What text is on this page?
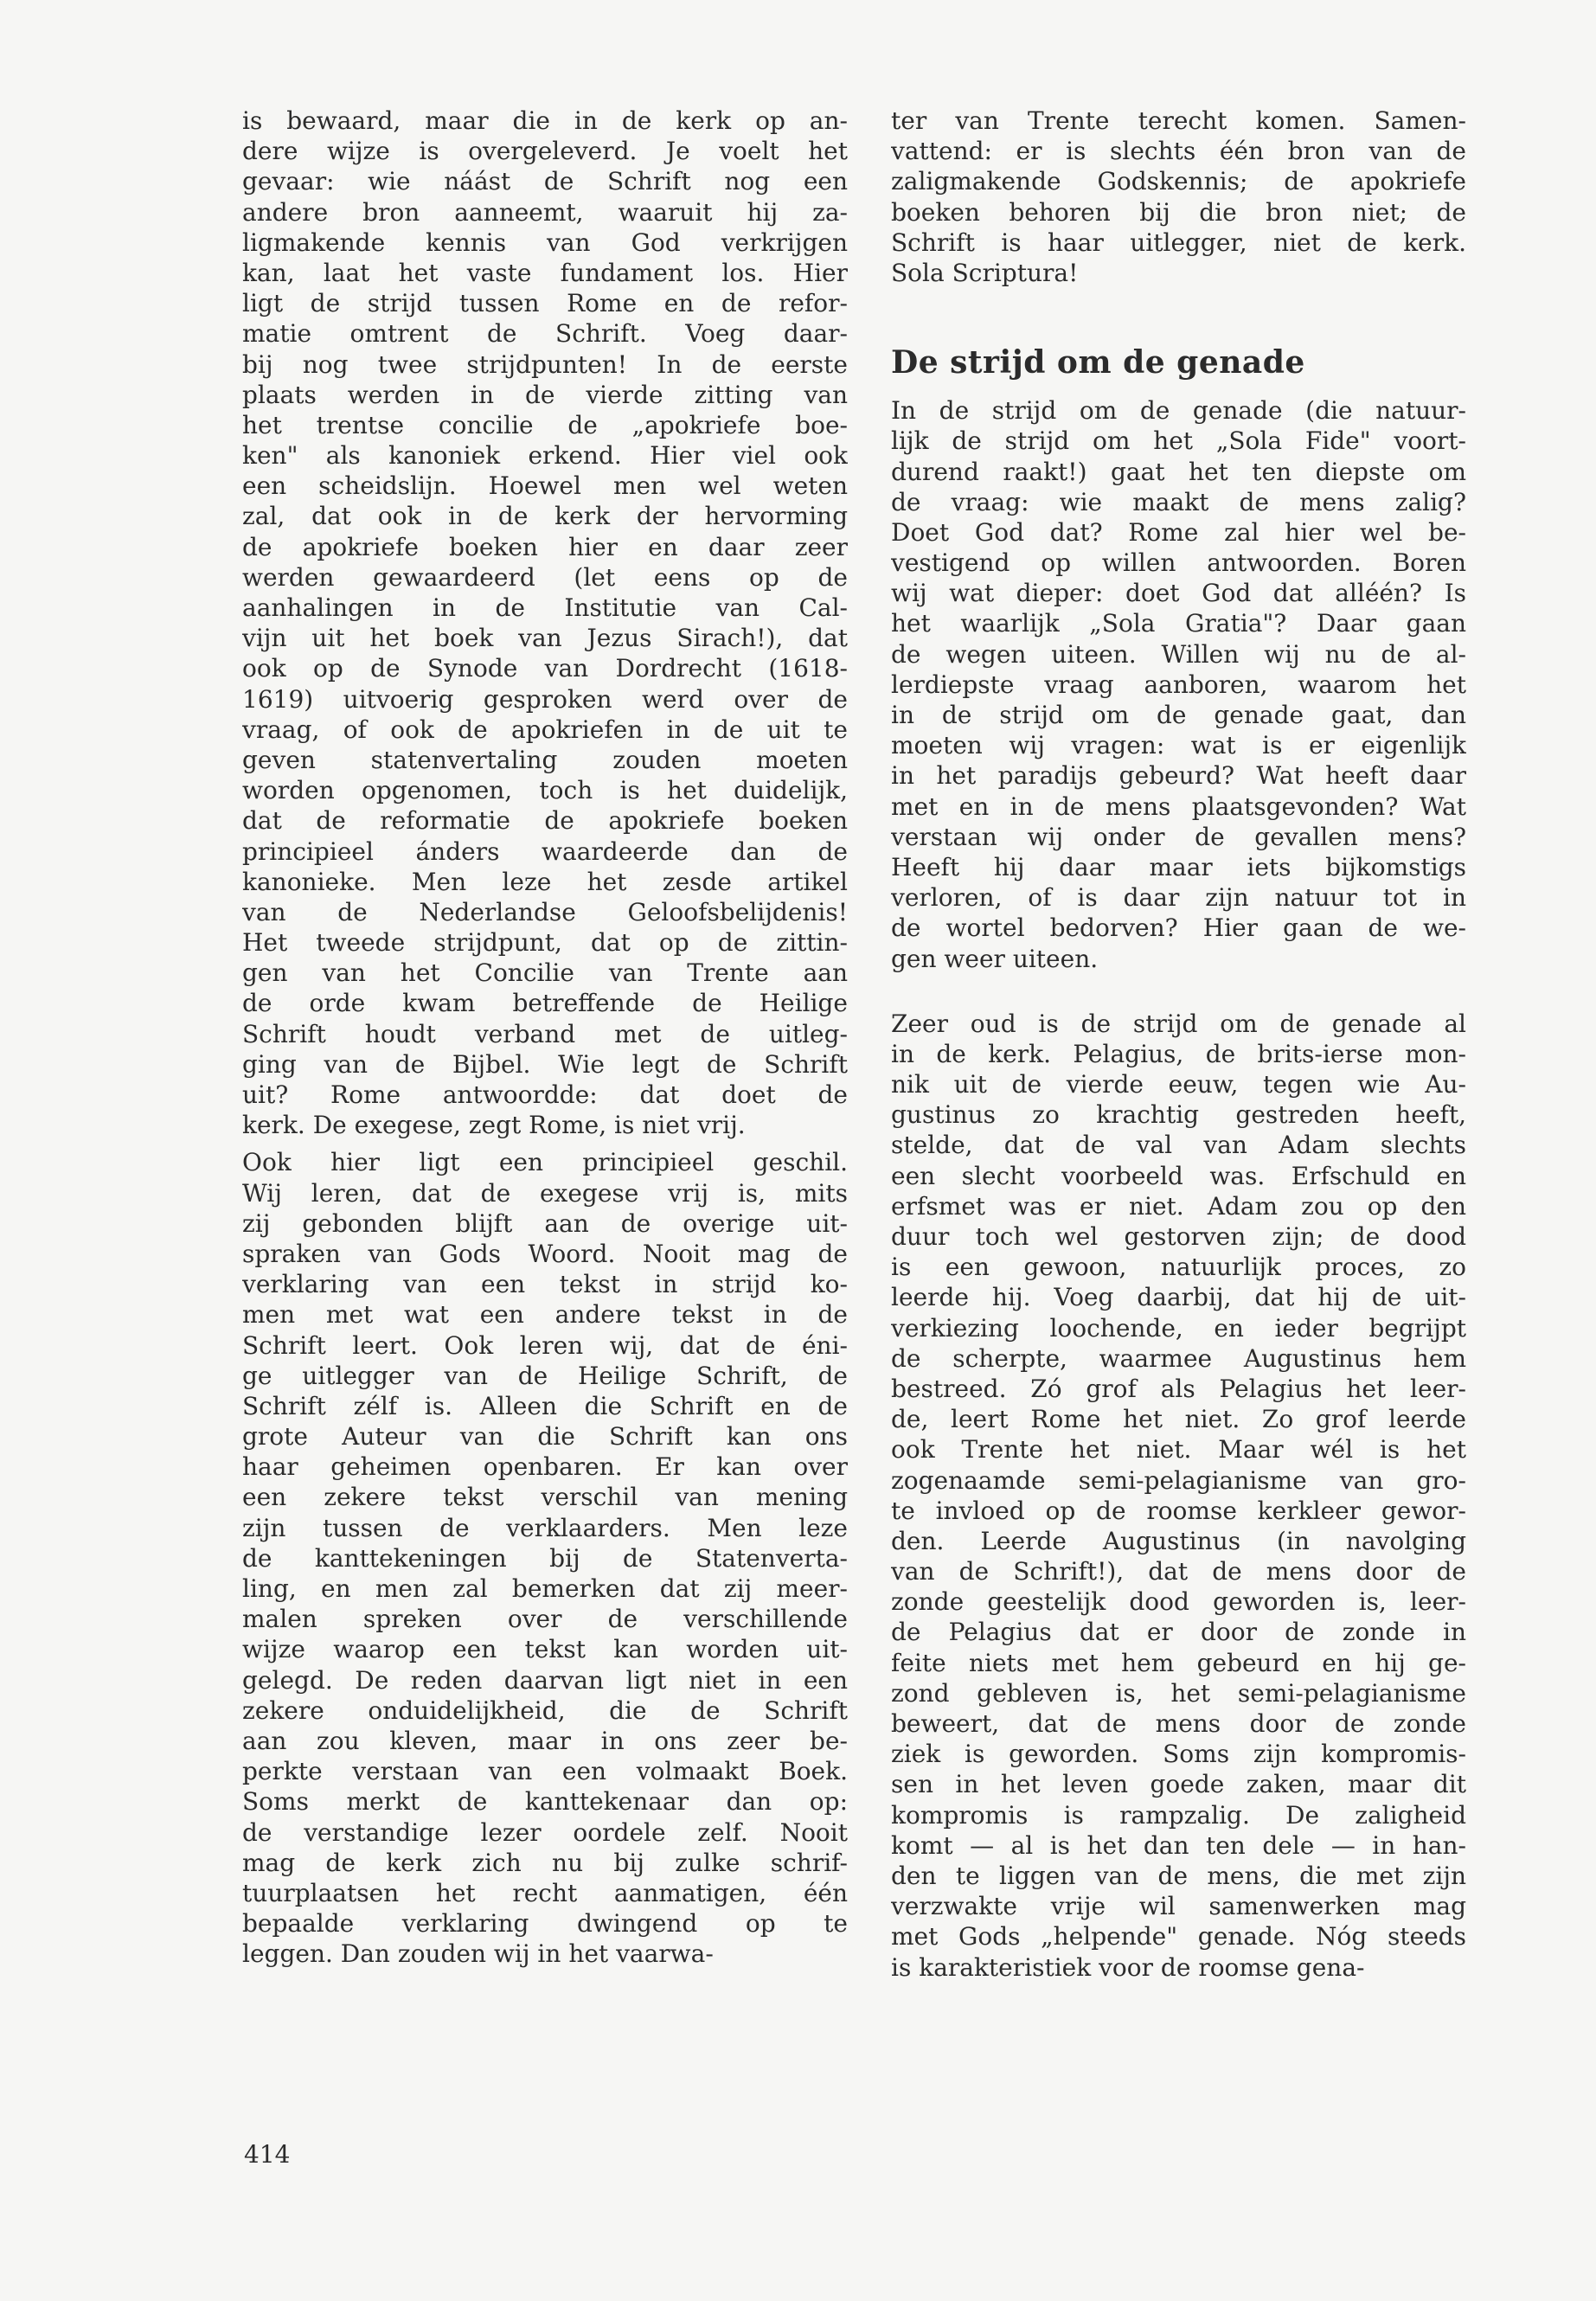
is bewaard, maar die in de kerk op an-
dere wijze is overgeleverd. Je voelt het
gevaar: wie náást de Schrift nog een
andere bron aanneemt, waaruit hij za-
ligmakende kennis van God verkrijgen
kan, laat het vaste fundament los. Hier
ligt de strijd tussen Rome en de refor-
matie omtrent de Schrift. Voeg daar-
bij nog twee strijdpunten! In de eerste
plaats werden in de vierde zitting van
het trentse concilie de „apokriefe boe-
ken" als kanoniek erkend. Hier viel ook
een scheidslijn. Hoewel men wel weten
zal, dat ook in de kerk der hervorming
de apokriefe boeken hier en daar zeer
werden gewaardeerd (let eens op de
aanhalingen in de Institutie van Cal-
vijn uit het boek van Jezus Sirach!), dat
ook op de Synode van Dordrecht (1618-
1619) uitvoerig gesproken werd over de
vraag, of ook de apokriefen in de uit te
geven statenvertaling zouden moeten
worden opgenomen, toch is het duidelijk,
dat de reformatie de apokriefe boeken
principieel ánders waardeerde dan de
kanonieke. Men leze het zesde artikel
van de Nederlandse Geloofsbelijdenis!
Het tweede strijdpunt, dat op de zittin-
gen van het Concilie van Trente aan
de orde kwam betreffende de Heilige
Schrift houdt verband met de uitleg-
ging van de Bijbel. Wie legt de Schrift
uit? Rome antwoordde: dat doet de
kerk. De exegese, zegt Rome, is niet vrij.
Ook hier ligt een principieel geschil.
Wij leren, dat de exegese vrij is, mits
zij gebonden blijft aan de overige uit-
spraken van Gods Woord. Nooit mag de
verklaring van een tekst in strijd ko-
men met wat een andere tekst in de
Schrift leert. Ook leren wij, dat de éni-
ge uitlegger van de Heilige Schrift, de
Schrift zélf is. Alleen die Schrift en de
grote Auteur van die Schrift kan ons
haar geheimen openbaren. Er kan over
een zekere tekst verschil van mening
zijn tussen de verklaarders. Men leze
de kanttekeningen bij de Statenverta-
ling, en men zal bemerken dat zij meer-
malen spreken over de verschillende
wijze waarop een tekst kan worden uit-
gelegd. De reden daarvan ligt niet in een
zekere onduidelijkheid, die de Schrift
aan zou kleven, maar in ons zeer be-
perkte verstaan van een volmaakt Boek.
Soms merkt de kanttekenaar dan op:
de verstandige lezer oordele zelf. Nooit
mag de kerk zich nu bij zulke schrif-
tuurplaatsen het recht aanmatigen, één
bepaalde verklaring dwingend op te
leggen. Dan zouden wij in het vaarwa-
ter van Trente terecht komen. Samen-
vattend: er is slechts één bron van de
zaligmakende Godskennis; de apokriefe
boeken behoren bij die bron niet; de
Schrift is haar uitlegger, niet de kerk.
Sola Scriptura!
De strijd om de genade
In de strijd om de genade (die natuur-
lijk de strijd om het „Sola Fide" voort-
durend raakt!) gaat het ten diepste om
de vraag: wie maakt de mens zalig?
Doet God dat? Rome zal hier wel be-
vestigend op willen antwoorden. Boren
wij wat dieper: doet God dat alléén? Is
het waarlijk „Sola Gratia"? Daar gaan
de wegen uiteen. Willen wij nu de al-
lerdiepste vraag aanboren, waarom het
in de strijd om de genade gaat, dan
moeten wij vragen: wat is er eigenlijk
in het paradijs gebeurd? Wat heeft daar
met en in de mens plaatsgevonden? Wat
verstaan wij onder de gevallen mens?
Heeft hij daar maar iets bijkomstigs
verloren, of is daar zijn natuur tot in
de wortel bedorven? Hier gaan de we-
gen weer uiteen.
Zeer oud is de strijd om de genade al
in de kerk. Pelagius, de brits-ierse mon-
nik uit de vierde eeuw, tegen wie Au-
gustinus zo krachtig gestreden heeft,
stelde, dat de val van Adam slechts
een slecht voorbeeld was. Erfschuld en
erfsmet was er niet. Adam zou op den
duur toch wel gestorven zijn; de dood
is een gewoon, natuurlijk proces, zo
leerde hij. Voeg daarbij, dat hij de uit-
verkiezing loochende, en ieder begrijpt
de scherpte, waarmee Augustinus hem
bestreed. Zó grof als Pelagius het leer-
de, leert Rome het niet. Zo grof leerde
ook Trente het niet. Maar wél is het
zogenaamde semi-pelagianisme van gro-
te invloed op de roomse kerkleer gewor-
den. Leerde Augustinus (in navolging
van de Schrift!), dat de mens door de
zonde geestelijk dood geworden is, leer-
de Pelagius dat er door de zonde in
feite niets met hem gebeurd en hij ge-
zond gebleven is, het semi-pelagianisme
beweert, dat de mens door de zonde
ziek is geworden. Soms zijn kompromis-
sen in het leven goede zaken, maar dit
kompromis is rampzalig. De zaligheid
komt — al is het dan ten dele — in han-
den te liggen van de mens, die met zijn
verzwakte vrije wil samenwerken mag
met Gods „helpende" genade. Nóg steeds
is karakteristiek voor de roomse gena-
414
